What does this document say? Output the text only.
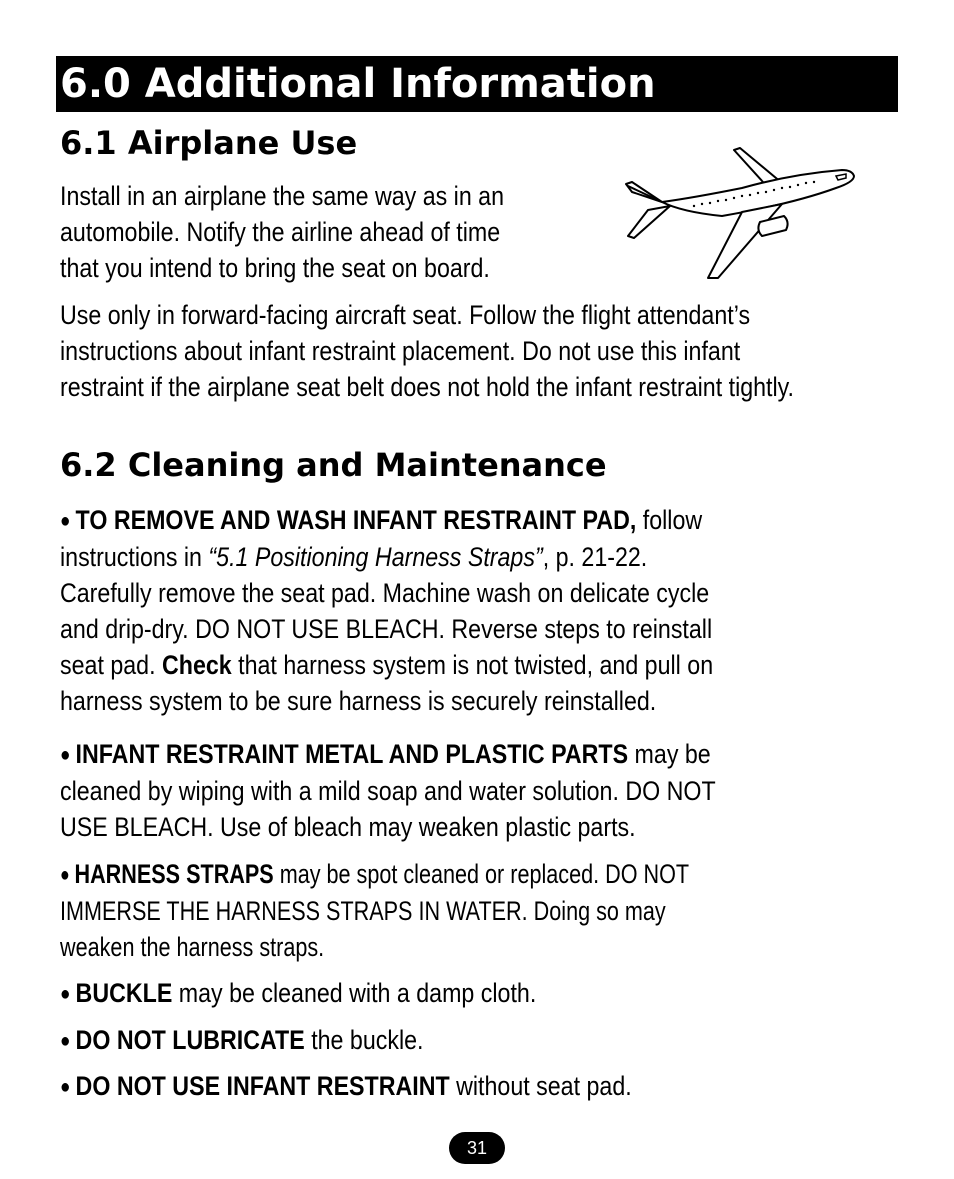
6.0 Additional Information
6.1 Airplane Use
Install in an airplane the same way as in an
automobile. Notify the airline ahead of time
that you intend to bring the seat on board.
Use only in forward-facing aircraft seat. Follow the flight attendant’s
instructions about infant restraint placement. Do not use this infant
restraint if the airplane seat belt does not hold the infant restraint tightly.
6.2 Cleaning and Maintenance
● TO REMOVE AND WASH INFANT RESTRAINT PAD, follow
instructions in “5.1 Positioning Harness Straps”, p. 21-22.
Carefully remove the seat pad. Machine wash on delicate cycle
and drip-dry. DO NOT USE BLEACH. Reverse steps to reinstall
seat pad. Check that harness system is not twisted, and pull on
harness system to be sure harness is securely reinstalled.
● INFANT RESTRAINT METAL AND PLASTIC PARTS may be
cleaned by wiping with a mild soap and water solution. DO NOT
USE BLEACH. Use of bleach may weaken plastic parts.
● HARNESS STRAPS may be spot cleaned or replaced. DO NOT
IMMERSE THE HARNESS STRAPS IN WATER. Doing so may
weaken the harness straps.
● BUCKLE may be cleaned with a damp cloth.
● DO NOT LUBRICATE the buckle.
● DO NOT USE INFANT RESTRAINT without seat pad.
31
